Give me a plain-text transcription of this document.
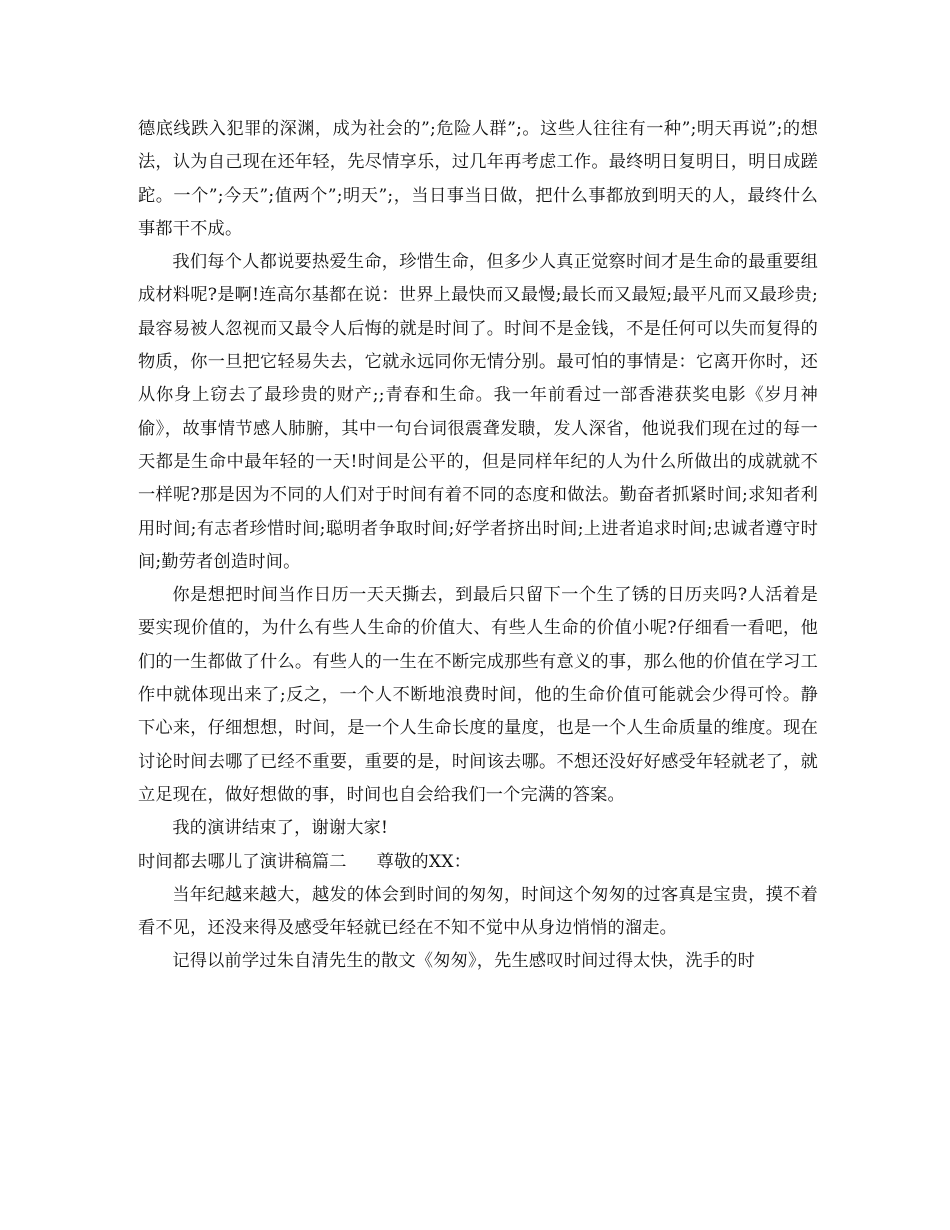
德底线跌入犯罪的深渊，成为社会的”;危险人群”;。这些人往往有一种”;明天再说”;的想法，认为自己现在还年轻，先尽情享乐，过几年再考虑工作。最终明日复明日，明日成蹉跎。一个”;今天”;值两个”;明天”;，当日事当日做，把什么事都放到明天的人，最终什么事都干不成。

我们每个人都说要热爱生命，珍惜生命，但多少人真正觉察时间才是生命的最重要组成材料呢?是啊!连高尔基都在说：世界上最快而又最慢;最长而又最短;最平凡而又最珍贵;最容易被人忽视而又最令人后悔的就是时间了。时间不是金钱，不是任何可以失而复得的物质，你一旦把它轻易失去，它就永远同你无情分别。最可怕的事情是：它离开你时，还从你身上窃去了最珍贵的财产;;青春和生命。我一年前看过一部香港获奖电影《岁月神偷》，故事情节感人肺腑，其中一句台词很震聋发聩，发人深省，他说我们现在过的每一天都是生命中最年轻的一天!时间是公平的，但是同样年纪的人为什么所做出的成就就不一样呢?那是因为不同的人们对于时间有着不同的态度和做法。勤奋者抓紧时间;求知者利用时间;有志者珍惜时间;聪明者争取时间;好学者挤出时间;上进者追求时间;忠诚者遵守时间;勤劳者创造时间。

你是想把时间当作日历一天天撕去，到最后只留下一个生了锈的日历夹吗?人活着是要实现价值的，为什么有些人生命的价值大、有些人生命的价值小呢?仔细看一看吧，他们的一生都做了什么。有些人的一生在不断完成那些有意义的事，那么他的价值在学习工作中就体现出来了;反之，一个人不断地浪费时间，他的生命价值可能就会少得可怜。静下心来，仔细想想，时间，是一个人生命长度的量度，也是一个人生命质量的维度。现在讨论时间去哪了已经不重要，重要的是，时间该去哪。不想还没好好感受年轻就老了，就立足现在，做好想做的事，时间也自会给我们一个完满的答案。

我的演讲结束了，谢谢大家!

时间都去哪儿了演讲稿篇二 尊敬的XX：

当年纪越来越大，越发的体会到时间的匆匆，时间这个匆匆的过客真是宝贵，摸不着看不见，还没来得及感受年轻就已经在不知不觉中从身边悄悄的溜走。

记得以前学过朱自清先生的散文《匆匆》，先生感叹时间过得太快，洗手的时
